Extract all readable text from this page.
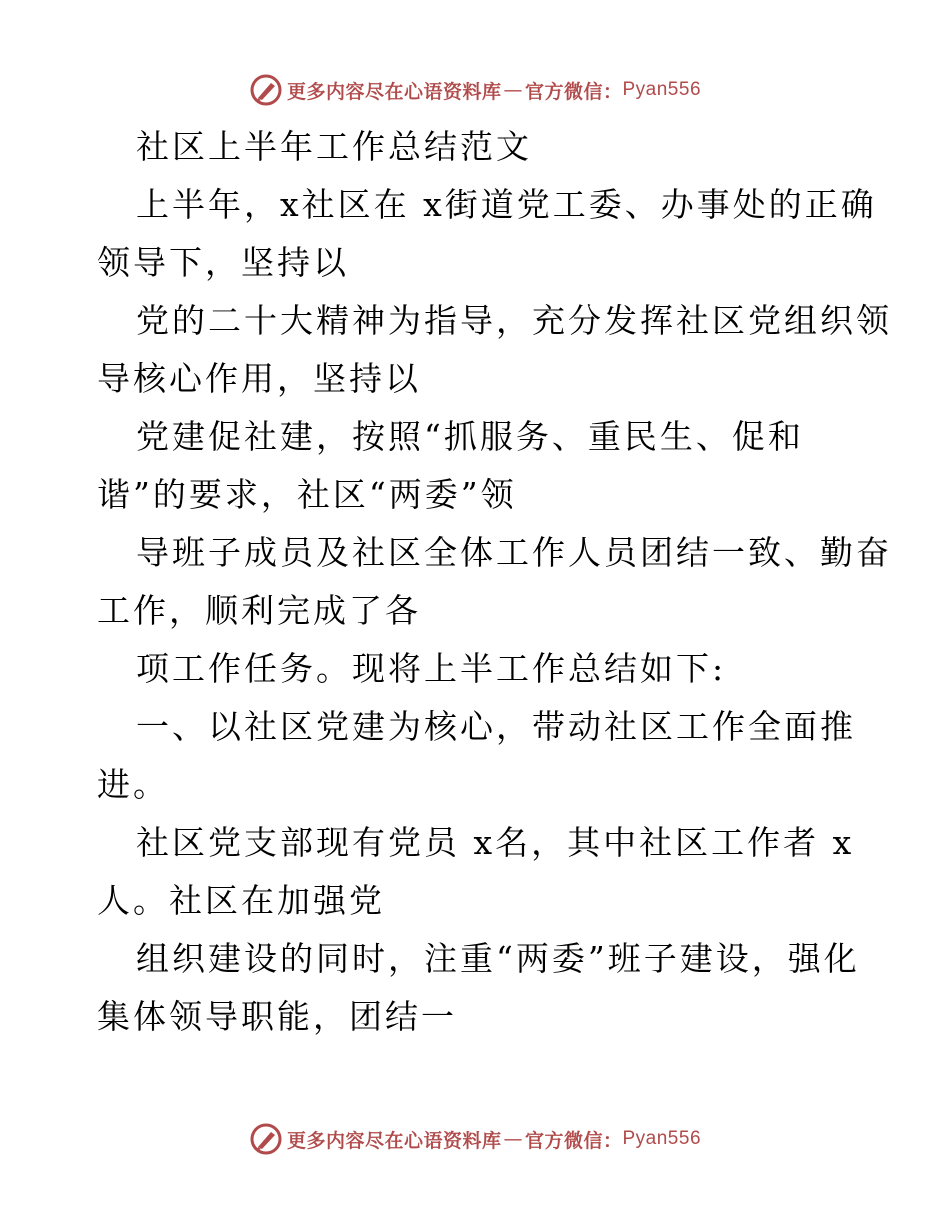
更多内容尽在心语资料库 — 官方微信： Pyan556
社区上半年工作总结范文
上半年，x社区在 x街道党工委、办事处的正确
领导下，坚持以
党的二十大精神为指导，充分发挥社区党组织领
导核心作用，坚持以
党建促社建，按照“抓服务、重民生、促和
谐”的要求，社区“两委”领
导班子成员及社区全体工作人员团结一致、勤奋
工作，顺利完成了各
项工作任务。现将上半工作总结如下:
一、以社区党建为核心，带动社区工作全面推
进。
社区党支部现有党员 x名，其中社区工作者 x
人。社区在加强党
组织建设的同时，注重“两委”班子建设，强化
集体领导职能，团结一
更多内容尽在心语资料库 — 官方微信： Pyan556
